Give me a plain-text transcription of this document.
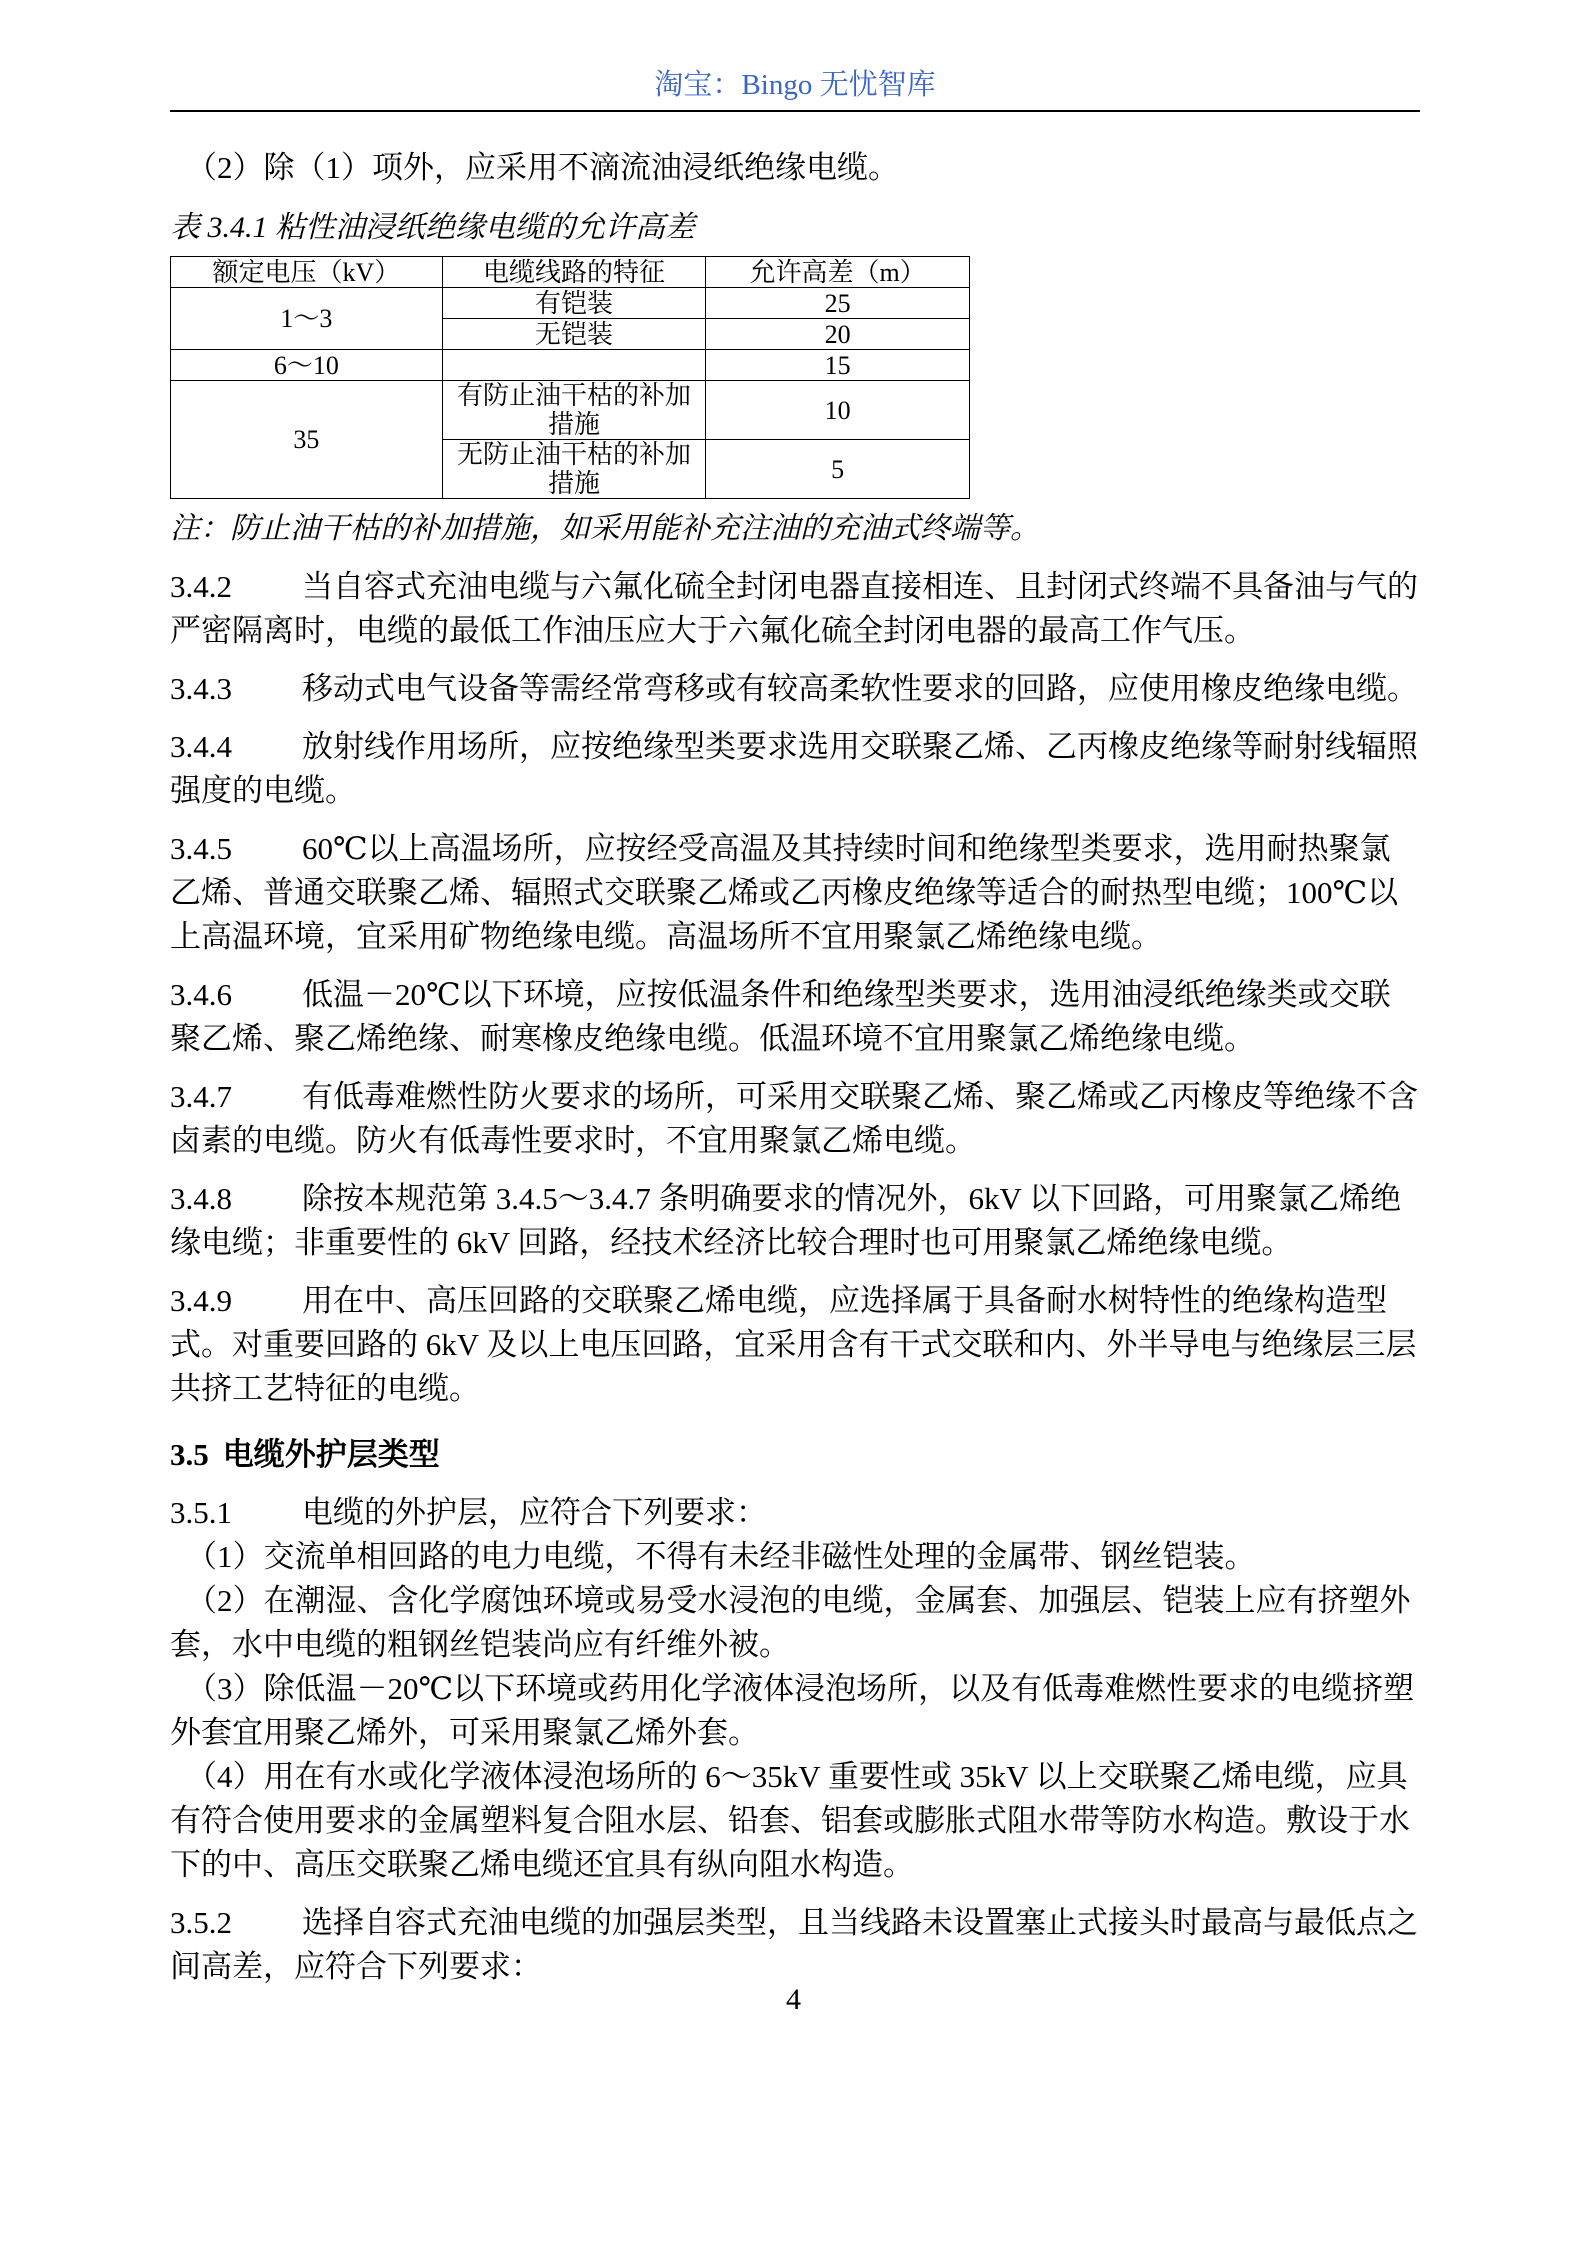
淘宝：Bingo 无忧智库

（2）除（1）项外，应采用不滴流油浸纸绝缘电缆。

表 3.4.1 粘性油浸纸绝缘电缆的允许高差

额定电压（kV）	电缆线路的特征	允许高差（m）
1～3	有铠装	25
	无铠装	20
6～10		15
35	有防止油干枯的补加措施	10
	无防止油干枯的补加措施	5

注：防止油干枯的补加措施，如采用能补充注油的充油式终端等。

3.4.2 当自容式充油电缆与六氟化硫全封闭电器直接相连、且封闭式终端不具备油与气的严密隔离时，电缆的最低工作油压应大于六氟化硫全封闭电器的最高工作气压。

3.4.3 移动式电气设备等需经常弯移或有较高柔软性要求的回路，应使用橡皮绝缘电缆。

3.4.4 放射线作用场所，应按绝缘型类要求选用交联聚乙烯、乙丙橡皮绝缘等耐射线辐照强度的电缆。

3.4.5 60℃以上高温场所，应按经受高温及其持续时间和绝缘型类要求，选用耐热聚氯乙烯、普通交联聚乙烯、辐照式交联聚乙烯或乙丙橡皮绝缘等适合的耐热型电缆；100℃以上高温环境，宜采用矿物绝缘电缆。高温场所不宜用聚氯乙烯绝缘电缆。

3.4.6 低温－20℃以下环境，应按低温条件和绝缘型类要求，选用油浸纸绝缘类或交联聚乙烯、聚乙烯绝缘、耐寒橡皮绝缘电缆。低温环境不宜用聚氯乙烯绝缘电缆。

3.4.7 有低毒难燃性防火要求的场所，可采用交联聚乙烯、聚乙烯或乙丙橡皮等绝缘不含卤素的电缆。防火有低毒性要求时，不宜用聚氯乙烯电缆。

3.4.8 除按本规范第 3.4.5～3.4.7 条明确要求的情况外，6kV 以下回路，可用聚氯乙烯绝缘电缆；非重要性的 6kV 回路，经技术经济比较合理时也可用聚氯乙烯绝缘电缆。

3.4.9 用在中、高压回路的交联聚乙烯电缆，应选择属于具备耐水树特性的绝缘构造型式。对重要回路的 6kV 及以上电压回路，宜采用含有干式交联和内、外半导电与绝缘层三层共挤工艺特征的电缆。

3.5 电缆外护层类型

3.5.1 电缆的外护层，应符合下列要求：

（1）交流单相回路的电力电缆，不得有未经非磁性处理的金属带、钢丝铠装。

（2）在潮湿、含化学腐蚀环境或易受水浸泡的电缆，金属套、加强层、铠装上应有挤塑外套，水中电缆的粗钢丝铠装尚应有纤维外被。

（3）除低温－20℃以下环境或药用化学液体浸泡场所，以及有低毒难燃性要求的电缆挤塑外套宜用聚乙烯外，可采用聚氯乙烯外套。

（4）用在有水或化学液体浸泡场所的 6～35kV 重要性或 35kV 以上交联聚乙烯电缆，应具有符合使用要求的金属塑料复合阻水层、铅套、铝套或膨胀式阻水带等防水构造。敷设于水下的中、高压交联聚乙烯电缆还宜具有纵向阻水构造。

3.5.2 选择自容式充油电缆的加强层类型，且当线路未设置塞止式接头时最高与最低点之间高差，应符合下列要求：

4
